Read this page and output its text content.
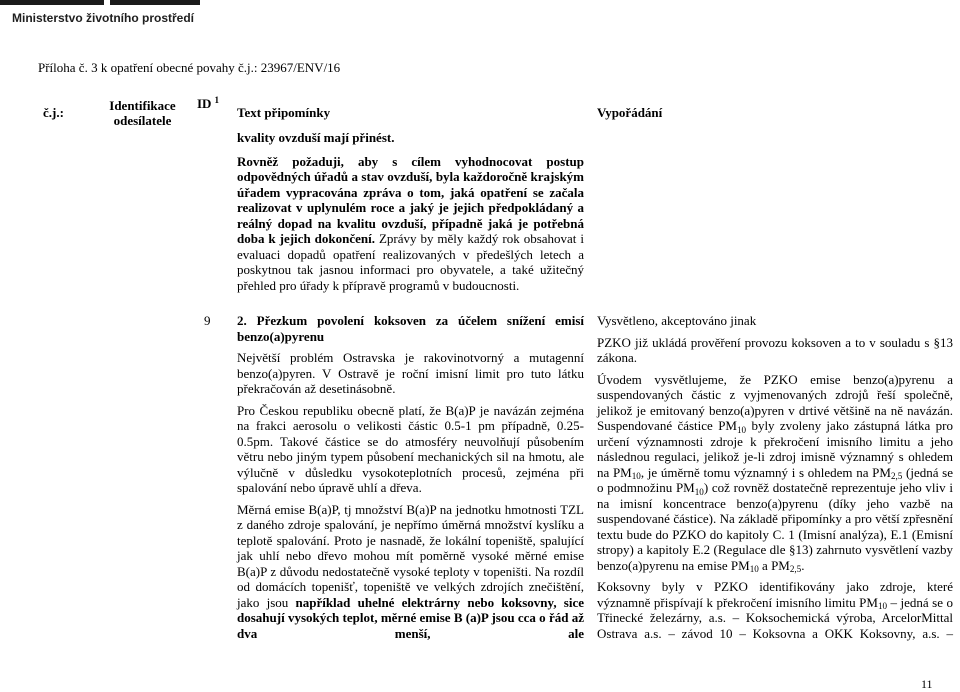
Ministerstvo životního prostředí
Příloha č. 3 k opatření obecné povahy č.j.: 23967/ENV/16
č.j.:
Identifikace odesílatele
ID $^1$
Text připomínky	Vypořádání

kvality ovzduší mají přinést.

Rovněž požaduji, aby s cílem vyhodnocovat postup odpovědných úřadů a stav ovzduší, byla každoročně krajským úřadem vypracována zpráva o tom, jaká opatření se začala realizovat v uplynulém roce a jaký je jejich předpokládaný a reálný dopad na kvalitu ovzduší, případně jaká je potřebná doba k jejich dokončení. Zprávy by měly každý rok obsahovat i evaluaci dopadů opatření realizovaných v předešlých letech a poskytnou tak jasnou informaci pro obyvatele, a také užitečný přehled pro úřady k přípravě programů v budoucnosti.

9	2. Přezkum povolení koksoven za účelem snížení emisí benzo(a)pyrenu

Největší problém Ostravska je rakovinotvorný a mutagenní benzo(a)pyren. V Ostravě je roční imisní limit pro tuto látku překračován až desetinásobně.

Pro Českou republiku obecně platí, že B(a)P je navázán zejména na frakci aerosolu o velikosti částic 0.5-1 pm případně, 0.25-0.5pm. Takové částice se do atmosféry neuvolňují působením větru nebo jiným typem působení mechanických sil na hmotu, ale výlučně v důsledku vysokoteplotních procesů, zejména při spalování nebo úpravě uhlí a dřeva.

Měrná emise B(a)P, tj množství B(a)P na jednotku hmotnosti TZL z daného zdroje spalování, je nepřímo úměrná množství kyslíku a teplotě spalování. Proto je nasnadě, že lokální topeniště, spalující jak uhlí nebo dřevo mohou mít poměrně vysoké měrné emise B(a)P z důvodu nedostatečně vysoké teploty v topeništi. Na rozdíl od domácích topenišť, topeniště ve velkých zdrojích znečištění, jako jsou například uhelné elektrárny nebo koksovny, sice dosahují vysokých teplot, měrné emise B (a)P jsou cca o řád až dva menší, ale

Vysvětleno, akceptováno jinak

PZKO již ukládá prověření provozu koksoven a to v souladu s §13 zákona.

Úvodem vysvětlujeme, že PZKO emise benzo(a)pyrenu a suspendovaných částic z vyjmenovaných zdrojů řeší společně, jelikož je emitovaný benzo(a)pyren v drtivé většině na ně navázán. Suspendované částice PM10 byly zvoleny jako zástupná látka pro určení významnosti zdroje k překročení imisního limitu a jeho následnou regulaci, jelikož je-li zdroj imisně významný s ohledem na PM10, je úměrně tomu významný i s ohledem na PM2,5 (jedná se o podmnožinu PM10) což rovněž dostatečně reprezentuje jeho vliv i na imisní koncentrace benzo(a)pyrenu (díky jeho vazbě na suspendované částice). Na základě připomínky a pro větší zpřesnění textu bude do PZKO do kapitoly C. 1 (Imisní analýza), E.1 (Emisní stropy) a kapitoly E.2 (Regulace dle §13) zahrnuto vysvětlení vazby benzo(a)pyrenu na emise PM10 a PM2,5.

Koksovny byly v PZKO identifikovány jako zdroje, které významně přispívají k překročení imisního limitu PM10 – jedná se o Třinecké železárny, a.s. – Koksochemická výroba, ArcelorMittal Ostrava a.s. – závod 10 – Koksovna a OKK Koksovny, a.s. –

11
